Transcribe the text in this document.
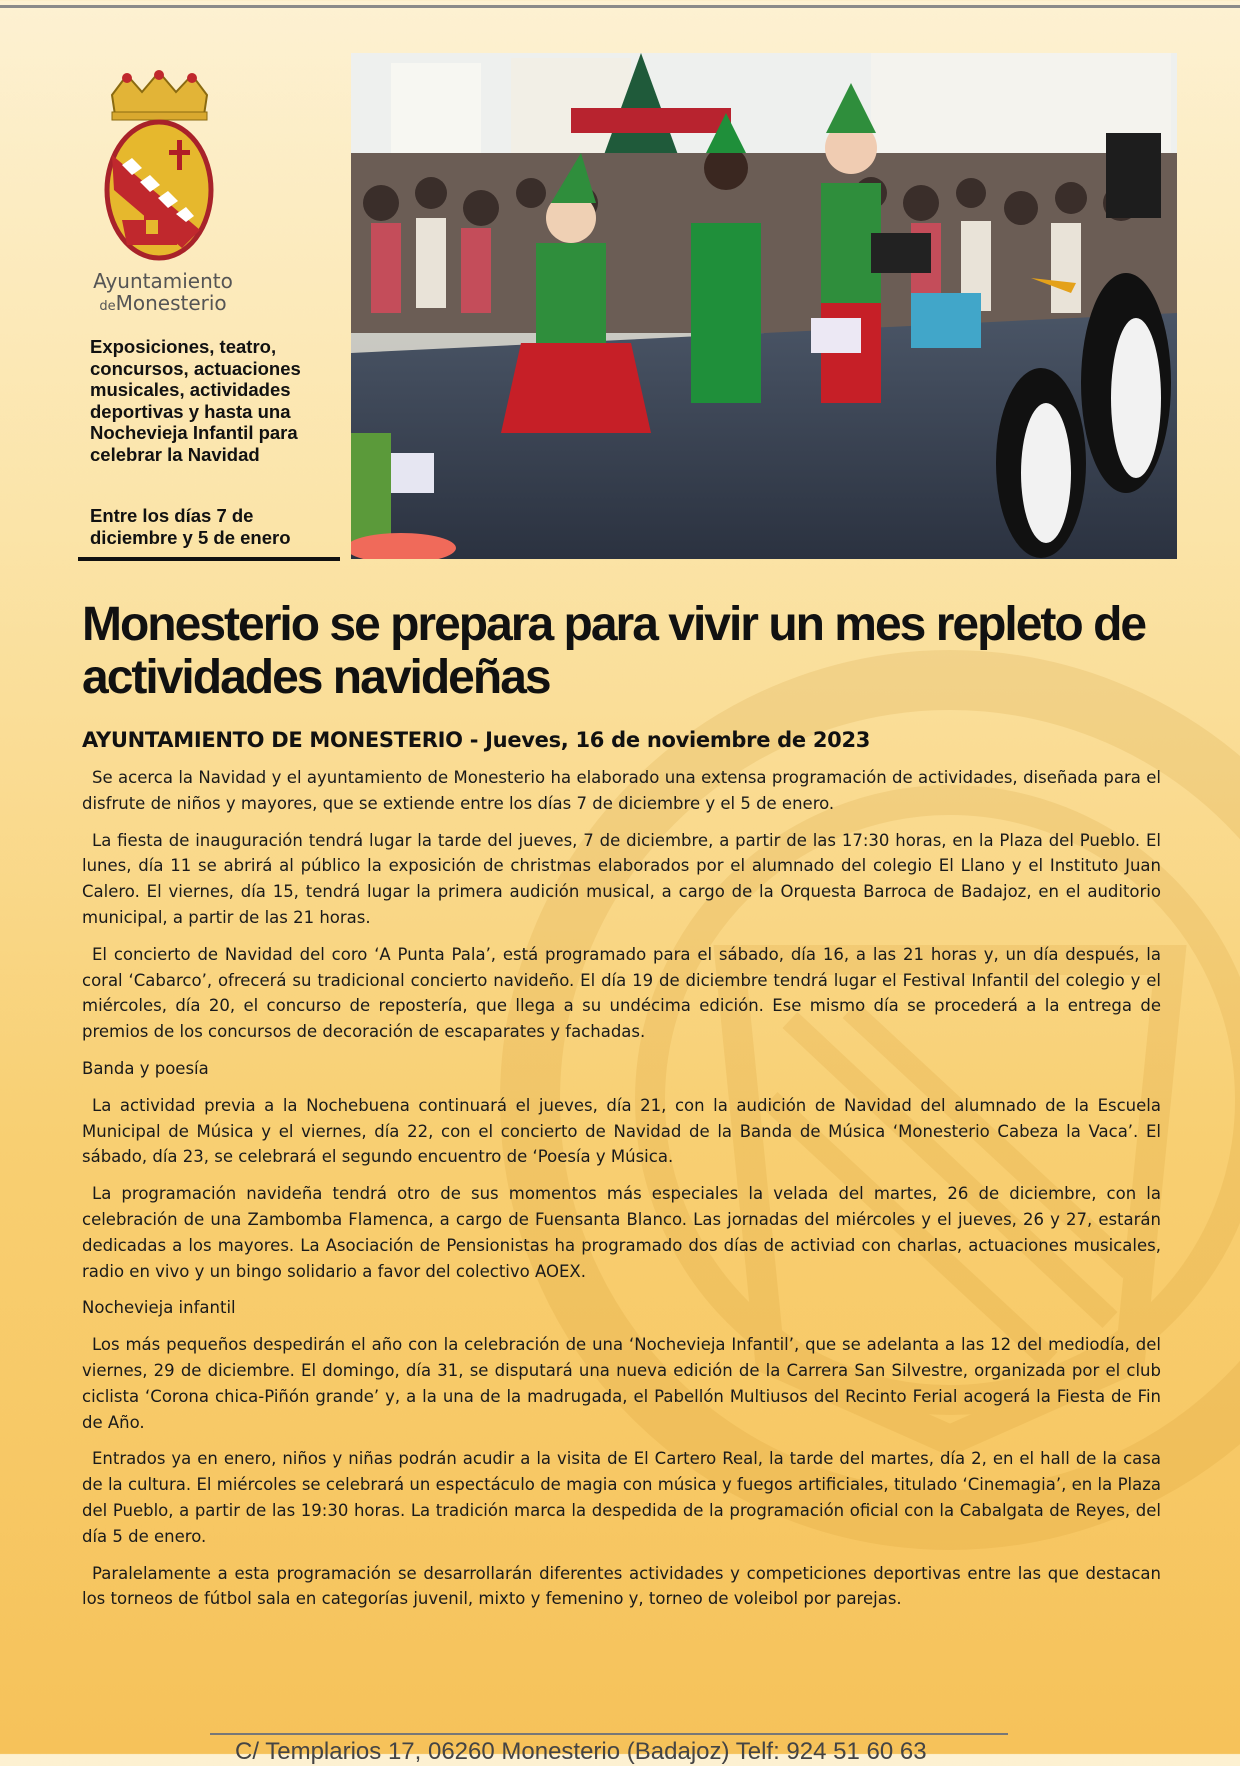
Ayuntamiento
deMonesterio
Exposiciones, teatro, concursos, actuaciones musicales, actividades deportivas y hasta una Nochevieja Infantil para celebrar la Navidad
Entre los días 7 de diciembre y 5 de enero
Monesterio se prepara para vivir un mes repleto de actividades navideñas
AYUNTAMIENTO DE MONESTERIO - Jueves, 16 de noviembre de 2023

Se acerca la Navidad y el ayuntamiento de Monesterio ha elaborado una extensa programación de actividades, diseñada para el disfrute de niños y mayores, que se extiende entre los días 7 de diciembre y el 5 de enero.

La fiesta de inauguración tendrá lugar la tarde del jueves, 7 de diciembre, a partir de las 17:30 horas, en la Plaza del Pueblo. El lunes, día 11 se abrirá al público la exposición de christmas elaborados por el alumnado del colegio El Llano y el Instituto Juan Calero. El viernes, día 15, tendrá lugar la primera audición musical, a cargo de la Orquesta Barroca de Badajoz, en el auditorio municipal, a partir de las 21 horas.

El concierto de Navidad del coro ‘A Punta Pala’, está programado para el sábado, día 16, a las 21 horas y, un día después, la coral ‘Cabarco’, ofrecerá su tradicional concierto navideño. El día 19 de diciembre tendrá lugar el Festival Infantil del colegio y el miércoles, día 20, el concurso de repostería, que llega a su undécima edición. Ese mismo día se procederá a la entrega de premios de los concursos de decoración de escaparates y fachadas.

Banda y poesía

La actividad previa a la Nochebuena continuará el jueves, día 21, con la audición de Navidad del alumnado de la Escuela Municipal de Música y el viernes, día 22, con el concierto de Navidad de la Banda de Música ‘Monesterio Cabeza la Vaca’. El sábado, día 23, se celebrará el segundo encuentro de ‘Poesía y Música.

La programación navideña tendrá otro de sus momentos más especiales la velada del martes, 26 de diciembre, con la celebración de una Zambomba Flamenca, a cargo de Fuensanta Blanco. Las jornadas del miércoles y el jueves, 26 y 27, estarán dedicadas a los mayores. La Asociación de Pensionistas ha programado dos días de activiad con charlas, actuaciones musicales, radio en vivo y un bingo solidario a favor del colectivo AOEX.

Nochevieja infantil

Los más pequeños despedirán el año con la celebración de una ‘Nochevieja Infantil’, que se adelanta a las 12 del mediodía, del viernes, 29 de diciembre. El domingo, día 31, se disputará una nueva edición de la Carrera San Silvestre, organizada por el club ciclista ‘Corona chica-Piñón grande’ y, a la una de la madrugada, el Pabellón Multiusos del Recinto Ferial acogerá la Fiesta de Fin de Año.

Entrados ya en enero, niños y niñas podrán acudir a la visita de El Cartero Real, la tarde del martes, día 2, en el hall de la casa de la cultura. El miércoles se celebrará un espectáculo de magia con música y fuegos artificiales, titulado ‘Cinemagia’, en la Plaza del Pueblo, a partir de las 19:30 horas. La tradición marca la despedida de la programación oficial con la Cabalgata de Reyes, del día 5 de enero.

Paralelamente a esta programación se desarrollarán diferentes actividades y competiciones deportivas entre las que destacan los torneos de fútbol sala en categorías juvenil, mixto y femenino y, torneo de voleibol por parejas.

C/ Templarios 17, 06260 Monesterio (Badajoz) Telf: 924 51 60 63
